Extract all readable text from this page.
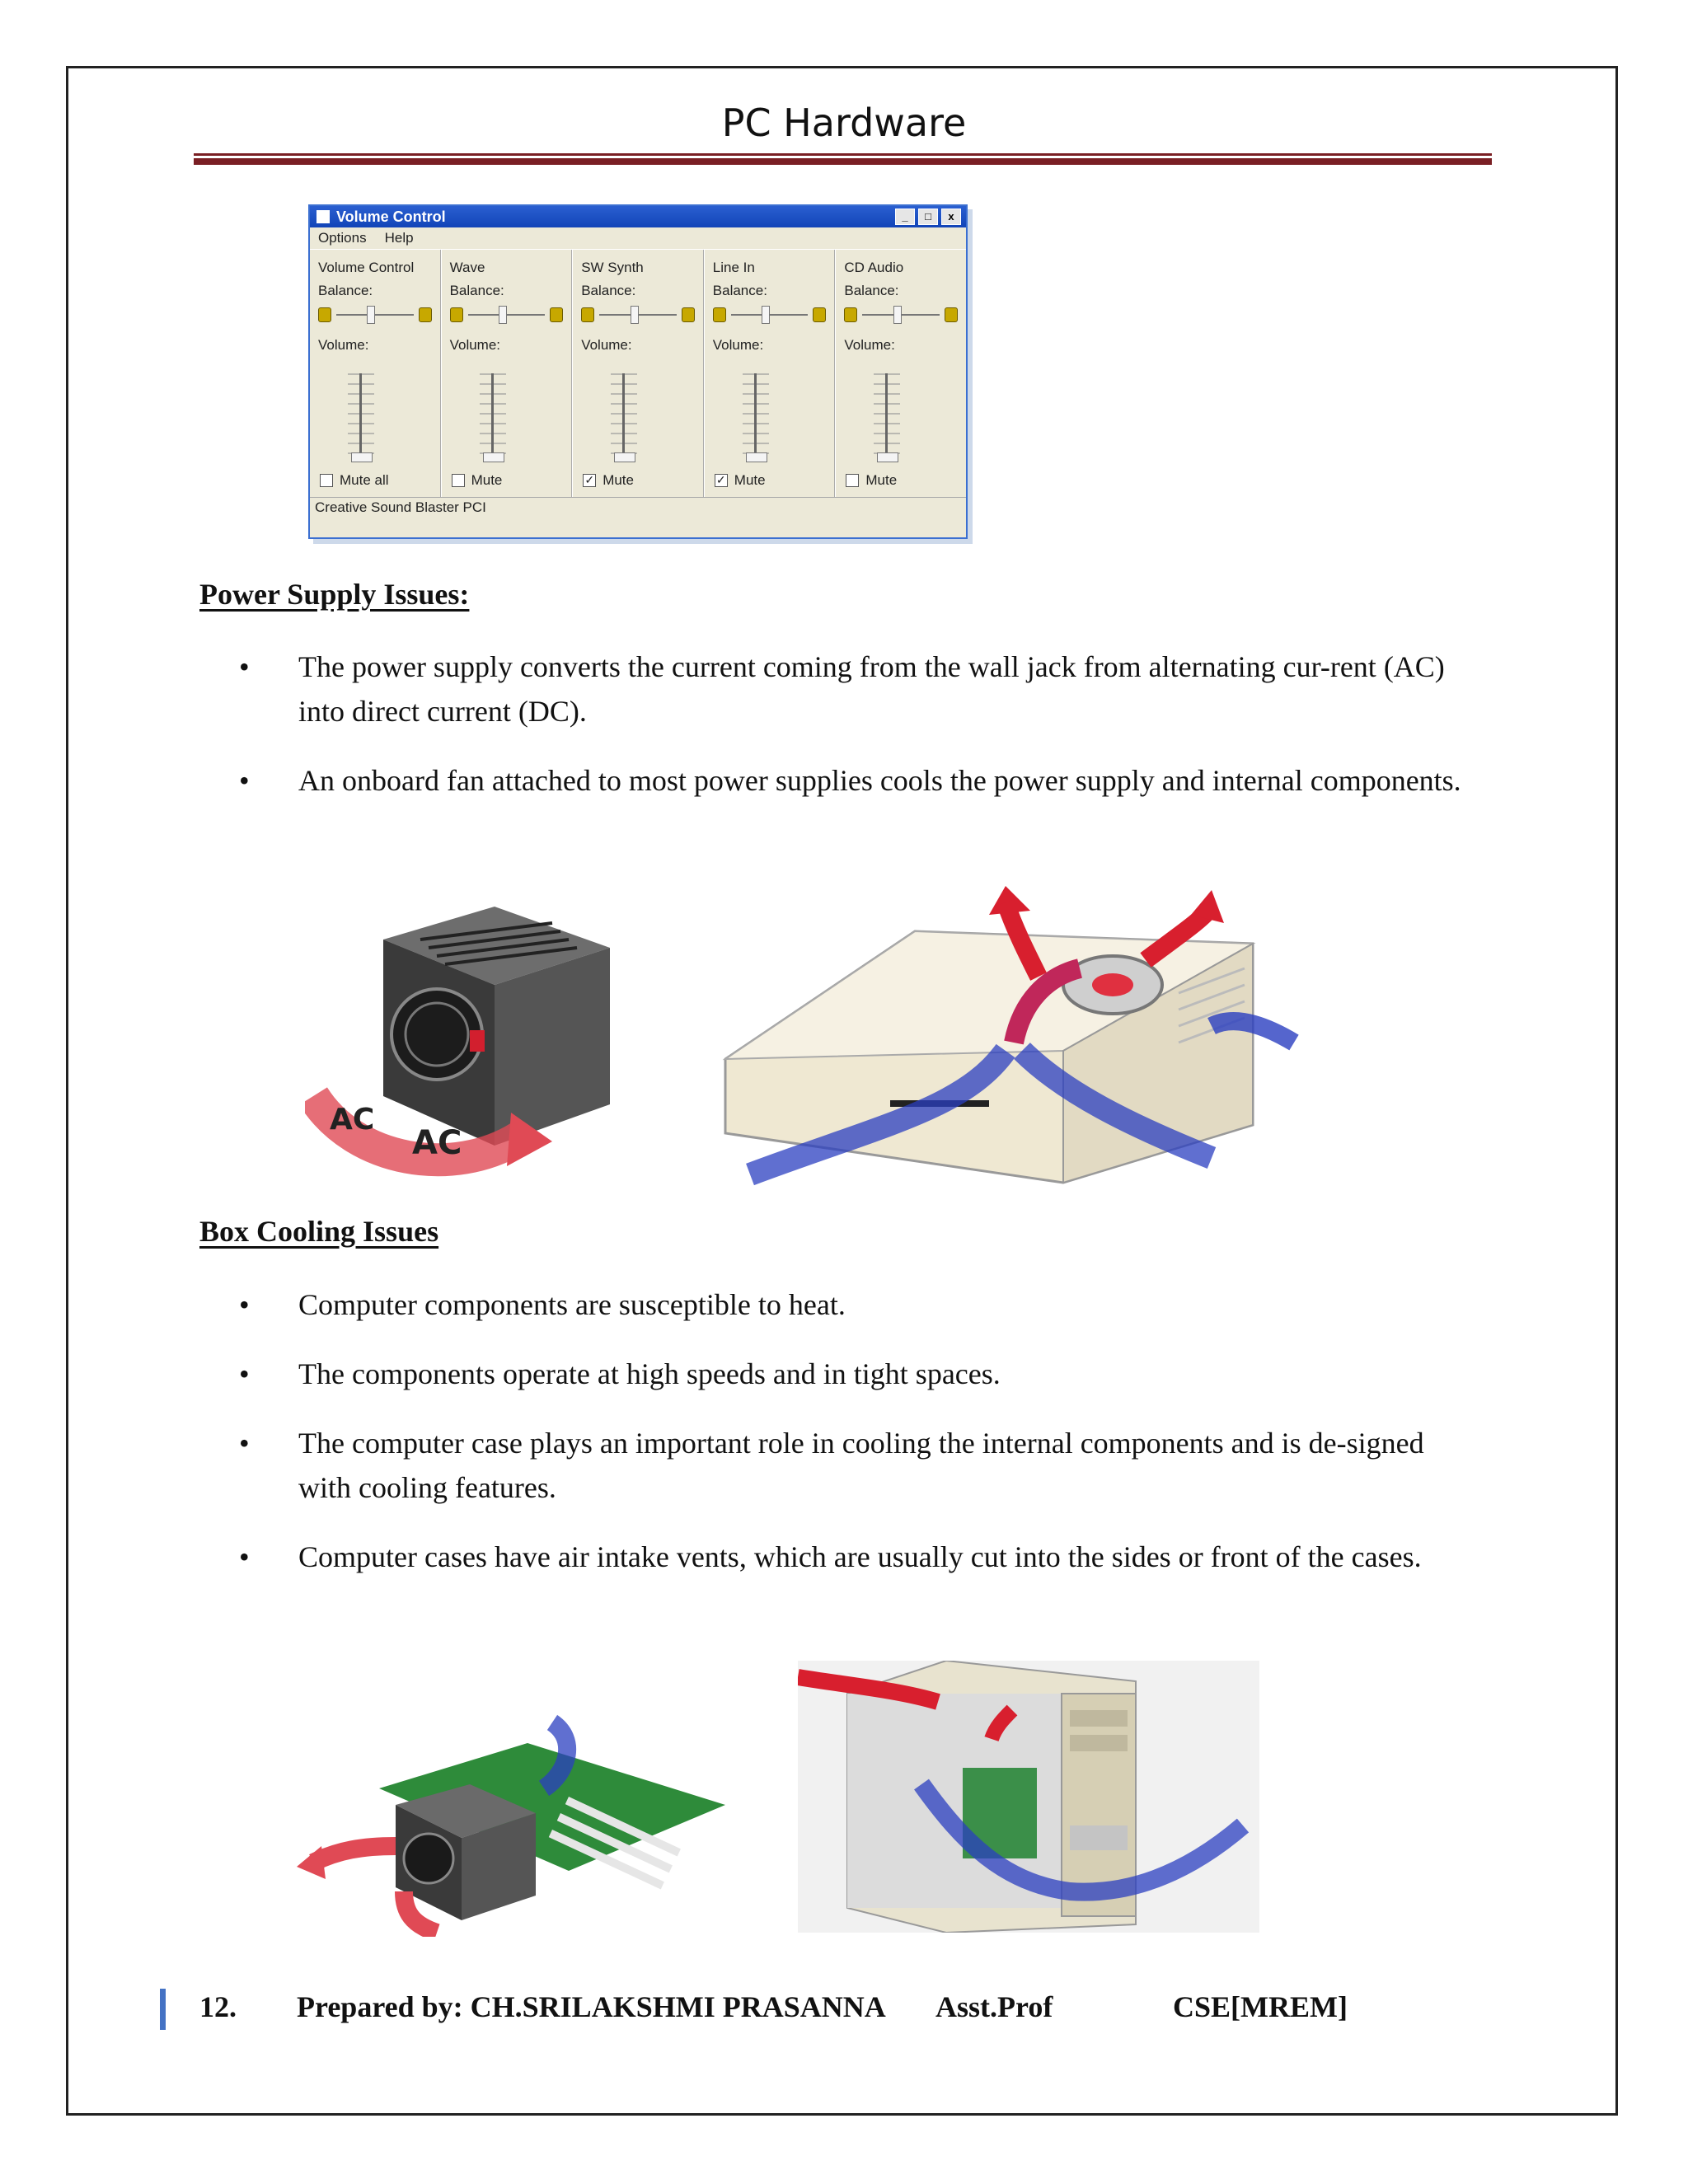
PC Hardware
Volume Control	_	□	x
Options Help
Volume Control
Balance:
Volume:
Mute all
Wave
Balance:
Volume:
Mute
SW Synth
Balance:
Volume:
✓ Mute
Line In
Balance:
Volume:
✓ Mute
CD Audio
Balance:
Volume:
Mute
Creative Sound Blaster PCI
Power Supply Issues:
• The power supply converts the current coming from the wall jack from alternating cur-rent (AC) into direct current (DC).
• An onboard fan attached to most power supplies cools the power supply and internal components.
AC
AC
Box Cooling Issues
• Computer components are susceptible to heat.
• The components operate at high speeds and in tight spaces.
• The computer case plays an important role in cooling the internal components and is de-signed with cooling features.
• Computer cases have air intake vents, which are usually cut into the sides or front of the cases.
12. Prepared by: CH.SRILAKSHMI PRASANNA Asst.Prof	CSE[MREM]
